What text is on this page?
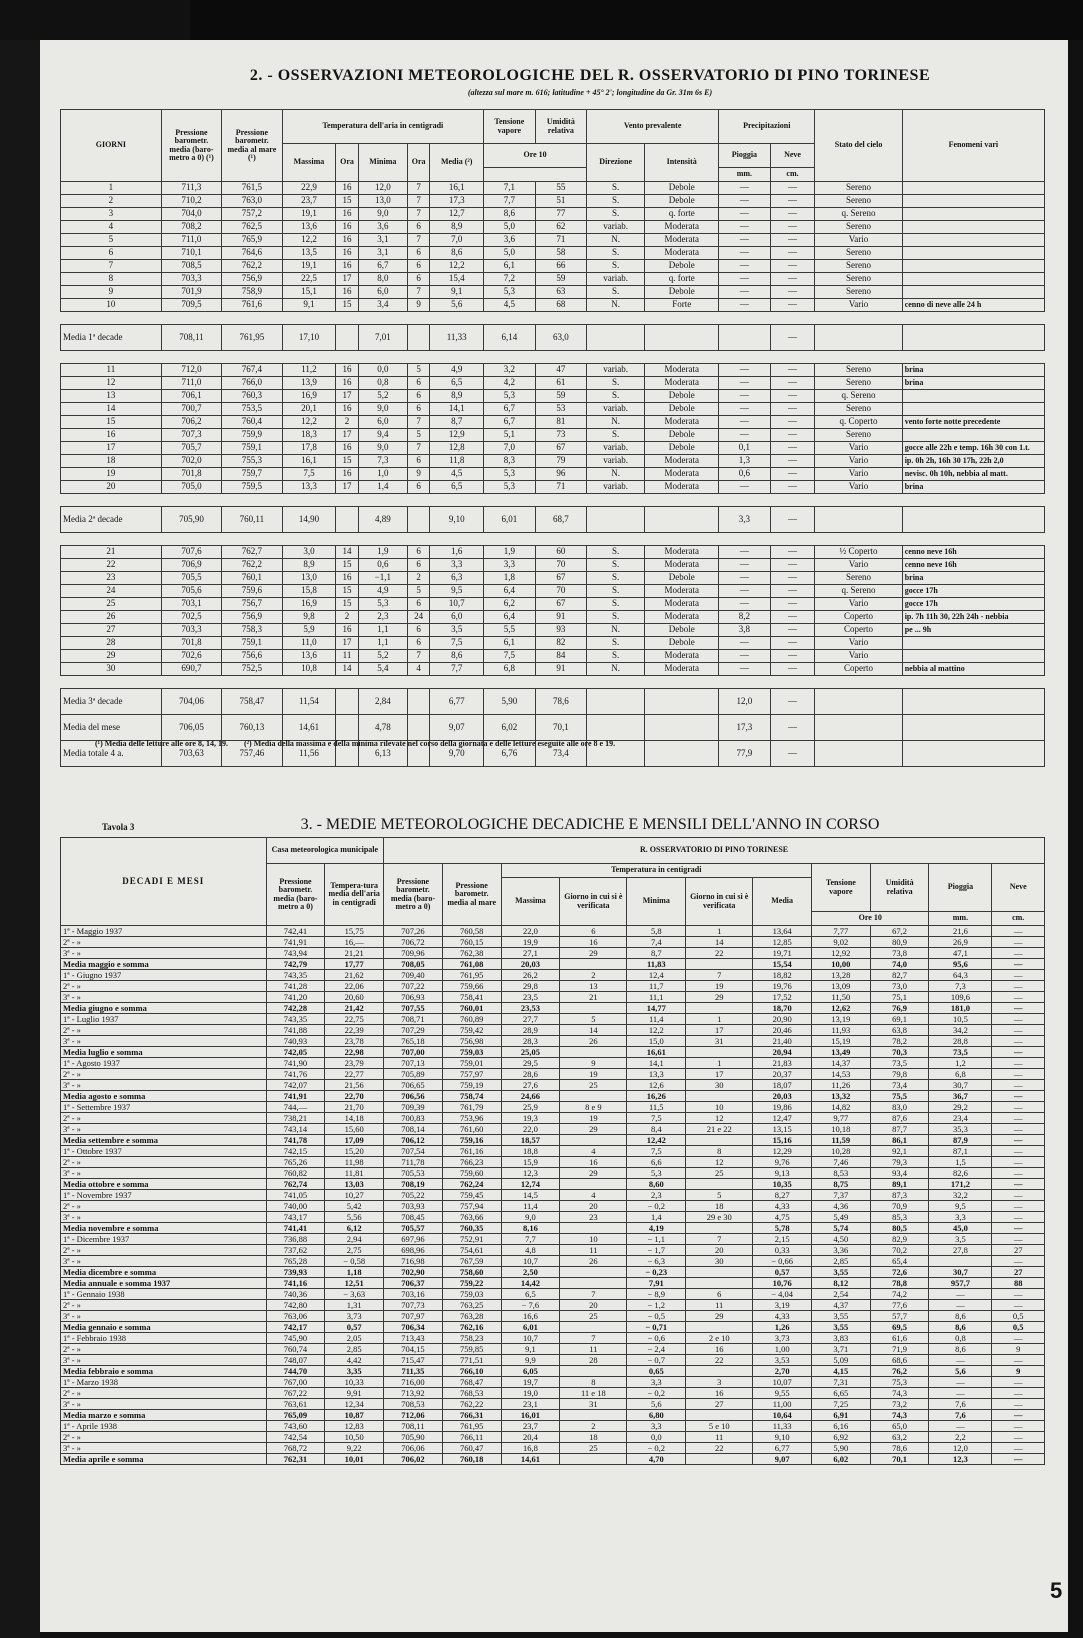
2. - OSSERVAZIONI METEOROLOGICHE DEL R. OSSERVATORIO DI PINO TORINESE
(altezza sul mare m. 616; latitudine + 45° 2'; longitudine da Gr. 31m 6s E)
GIORNI	Pressione barometr. media (baro-metro a 0) (¹)	Pressione barometr. media al mare (¹)	Temperatura dell'aria in centigradi					Tensione vapore	Umidità relativa	Vento prevalente		Precipitazioni		Stato del cielo	Fenomeni vari
			Massima	Ora	Minima	Ora	Media (²)	Ore 10		Direzione	Intensità	Pioggia	Neve		
												mm.	cm.		
1	711,3	761,5	22,9	16	12,0	7	16,1	7,1	55	S.	Debole	—	—	Sereno	
2	710,2	763,0	23,7	15	13,0	7	17,3	7,7	51	S.	Debole	—	—	Sereno	
3	704,0	757,2	19,1	16	9,0	7	12,7	8,6	77	S.	q. forte	—	—	q. Sereno	
4	708,2	762,5	13,6	16	3,6	6	8,9	5,0	62	variab.	Moderata	—	—	Sereno	
5	711,0	765,9	12,2	16	3,1	7	7,0	3,6	71	N.	Moderata	—	—	Vario	
6	710,1	764,6	13,5	16	3,1	6	8,6	5,0	58	S.	Moderata	—	—	Sereno	
7	708,5	762,2	19,1	16	6,7	6	12,2	6,1	66	S.	Debole	—	—	Sereno	
8	703,3	756,9	22,5	17	8,0	6	15,4	7,2	59	variab.	q. forte	—	—	Sereno	
9	701,9	758,9	15,1	16	6,0	7	9,1	5,3	63	S.	Debole	—	—	Sereno	
10	709,5	761,6	9,1	15	3,4	9	5,6	4,5	68	N.	Forte	—	—	Vario	cenno di neve alle 24 h

Media 1ª decade	708,11	761,95	17,10		7,01		11,33	6,14	63,0				—		

11	712,0	767,4	11,2	16	0,0	5	4,9	3,2	47	variab.	Moderata	—	—	Sereno	brina
12	711,0	766,0	13,9	16	0,8	6	6,5	4,2	61	S.	Moderata	—	—	Sereno	brina
13	706,1	760,3	16,9	17	5,2	6	8,9	5,3	59	S.	Debole	—	—	q. Sereno	
14	700,7	753,5	20,1	16	9,0	6	14,1	6,7	53	variab.	Debole	—	—	Sereno	
15	706,2	760,4	12,2	2	6,0	7	8,7	6,7	81	N.	Moderata	—	—	q. Coperto	vento forte notte precedente
16	707,3	759,9	18,3	17	9,4	5	12,9	5,1	73	S.	Debole	—	—	Sereno	
17	705,7	759,1	17,8	16	9,0	7	12,8	7,0	67	variab.	Debole	0,1	—	Vario	gocce alle 22h e temp. 16h 30 con 1.t.
18	702,0	755,3	16,1	15	7,3	6	11,8	8,3	79	variab.	Moderata	1,3	—	Vario	ip. 0h 2h, 16h 30 17h, 22h 2,0
19	701,8	759,7	7,5	16	1,0	9	4,5	5,3	96	N.	Moderata	0,6	—	Vario	nevisc. 0h 10h, nebbia al matt.
20	705,0	759,5	13,3	17	1,4	6	6,5	5,3	71	variab.	Moderata	—	—	Vario	brina

Media 2ª decade	705,90	760,11	14,90		4,89		9,10	6,01	68,7			3,3	—		

21	707,6	762,7	3,0	14	1,9	6	1,6	1,9	60	S.	Moderata	—	—	½ Coperto	cenno neve 16h
22	706,9	762,2	8,9	15	0,6	6	3,3	3,3	70	S.	Moderata	—	—	Vario	cenno neve 16h
23	705,5	760,1	13,0	16	−1,1	2	6,3	1,8	67	S.	Debole	—	—	Sereno	brina
24	705,6	759,6	15,8	15	4,9	5	9,5	6,4	70	S.	Moderata	—	—	q. Sereno	gocce 17h
25	703,1	756,7	16,9	15	5,3	6	10,7	6,2	67	S.	Moderata	—	—	Vario	gocce 17h
26	702,5	756,9	9,8	2	2,3	24	6,0	6,4	91	S.	Moderata	8,2	—	Coperto	ip. 7h 11h 30, 22h 24h - nebbia
27	703,3	758,3	5,9	16	1,1	6	3,5	5,5	93	N.	Debole	3,8	—	Coperto	pe ... 9h
28	701,8	759,1	11,0	17	1,1	6	7,5	6,1	82	S.	Debole	—	—	Vario	
29	702,6	756,6	13,6	11	5,2	7	8,6	7,5	84	S.	Moderata	—	—	Vario	
30	690,7	752,5	10,8	14	5,4	4	7,7	6,8	91	N.	Moderata	—	—	Coperto	nebbia al mattino

Media 3ª decade	704,06	758,47	11,54		2,84		6,77	5,90	78,6			12,0	—		
Media del mese	706,05	760,13	14,61		4,78		9,07	6,02	70,1			17,3	—		
Media totale 4 a.	703,63	757,46	11,56		6,13		9,70	6,76	73,4			77,9	—		
(¹) Media delle letture alle ore 8, 14, 19. (²) Media della massima e della minima rilevate nel corso della giornata e delle letture eseguite alle ore 8 e 19.
Tavola 3	3. - MEDIE METEOROLOGICHE DECADICHE E MENSILI DELL'ANNO IN CORSO
DECADI E MESI	Casa meteorologica municipale		R. OSSERVATORIO DI PINO TORINESE										
	Pressione barometr. media (baro-metro a 0)	Tempera-tura media dell'aria in centigradi	Pressione barometr. media (baro-metro a 0)	Pressione barometr. media al mare	Temperatura in centigradi					Tensione vapore	Umidità relativa	Pioggia	Neve
					Massima	Giorno in cui si è verificata	Minima	Giorno in cui si è verificata	Media				
										Ore 10		mm.	cm.
1ª - Maggio 1937	742,41	15,75	707,26	760,58	22,0	6	5,8	1	13,64	7,77	67,2	21,6	—
2ª - »	741,91	16,—	706,72	760,15	19,9	16	7,4	14	12,85	9,02	80,9	26,9	—
3ª - »	743,94	21,21	709,96	762,38	27,1	29	8,7	22	19,71	12,92	73,8	47,1	—
Media maggio e somma	742,79	17,77	708,05	761,08	20,03		11,83		15,54	10,00	74,0	95,6	—
1ª - Giugno 1937	743,35	21,62	709,40	761,95	26,2	2	12,4	7	18,82	13,28	82,7	64,3	—
2ª - »	741,28	22,06	707,22	759,66	29,8	13	11,7	19	19,76	13,09	73,0	7,3	—
3ª - »	741,20	20,60	706,93	758,41	23,5	21	11,1	29	17,52	11,50	75,1	109,6	—
Media giugno e somma	742,28	21,42	707,55	760,01	23,53		14,77		18,70	12,62	76,9	181,0	—
1ª - Luglio 1937	743,35	22,75	708,71	760,89	27,7	5	11,4	1	20,90	13,19	69,1	10,5	—
2ª - »	741,88	22,39	707,29	759,42	28,9	14	12,2	17	20,46	11,93	63,8	34,2	—
3ª - »	740,93	23,78	765,18	756,98	28,3	26	15,0	31	21,40	15,19	78,2	28,8	—
Media luglio e somma	742,05	22,98	707,00	759,03	25,05		16,61		20,94	13,49	70,3	73,5	—
1ª - Agosto 1937	741,90	23,79	707,13	759,01	29,5	9	14,1	1	21,83	14,37	73,5	1,2	—
2ª - »	741,76	22,77	705,89	757,97	28,6	19	13,3	17	20,37	14,53	79,8	6,8	—
3ª - »	742,07	21,56	706,65	759,19	27,6	25	12,6	30	18,07	11,26	73,4	30,7	—
Media agosto e somma	741,91	22,70	706,56	758,74	24,66		16,26		20,03	13,32	75,5	36,7	—
1ª - Settembre 1937	744,—	21,70	709,39	761,79	25,9	8 e 9	11,5	10	19,86	14,82	83,0	29,2	—
2ª - »	738,21	14,18	700,83	753,96	19,3	19	7,5	12	12,47	9,77	87,6	23,4	—
3ª - »	743,14	15,60	708,14	761,60	22,0	29	8,4	21 e 22	13,15	10,18	87,7	35,3	—
Media settembre e somma	741,78	17,09	706,12	759,16	18,57		12,42		15,16	11,59	86,1	87,9	—
1ª - Ottobre 1937	742,15	15,20	707,54	761,16	18,8	4	7,5	8	12,29	10,28	92,1	87,1	—
2ª - »	765,26	11,98	711,78	766,23	15,9	16	6,6	12	9,76	7,46	79,3	1,5	—
3ª - »	760,82	11,81	705,53	759,60	12,3	29	5,3	25	9,13	8,53	93,4	82,6	—
Media ottobre e somma	762,74	13,03	708,19	762,24	12,74		8,60		10,35	8,75	89,1	171,2	—
1ª - Novembre 1937	741,05	10,27	705,22	759,45	14,5	4	2,3	5	8,27	7,37	87,3	32,2	—
2ª - »	740,00	5,42	703,93	757,94	11,4	20	− 0,2	18	4,33	4,36	70,9	9,5	—
3ª - »	743,17	5,56	708,45	763,66	9,0	23	1,4	29 e 30	4,75	5,49	85,3	3,3	—
Media novembre e somma	741,41	6,12	705,57	760,35	8,16		4,19		5,78	5,74	80,5	45,0	—
1ª - Dicembre 1937	736,88	2,94	697,96	752,91	7,7	10	− 1,1	7	2,15	4,50	82,9	3,5	—
2ª - »	737,62	2,75	698,96	754,61	4,8	11	− 1,7	20	0,33	3,36	70,2	27,8	27
3ª - »	765,28	− 0,58	716,98	767,59	10,7	26	− 6,3	30	− 0,66	2,85	65,4		—
Media dicembre e somma	739,93	1,18	702,90	758,60	2,50		− 0,23		0,57	3,55	72,6	30,7	27
Media annuale e somma 1937	741,16	12,51	706,37	759,22	14,42		7,91		10,76	8,12	78,8	957,7	88
1ª - Gennaio 1938	740,36	− 3,63	703,16	759,03	6,5	7	− 8,9	6	− 4,04	2,54	74,2	—	—
2ª - »	742,80	1,31	707,73	763,25	− 7,6	20	− 1,2	11	3,19	4,37	77,6	—	—
3ª - »	763,06	3,73	707,97	763,28	16,6	25	− 0,5	29	4,33	3,55	57,7	8,6	0,5
Media gennaio e somma	742,17	0,57	706,34	762,16	6,01		− 0,71		1,26	3,55	69,5	8,6	0,5
1ª - Febbraio 1938	745,90	2,05	713,43	758,23	10,7	7	− 0,6	2 e 10	3,73	3,83	61,6	0,8	—
2ª - »	760,74	2,85	704,15	759,85	9,1	11	− 2,4	16	1,00	3,71	71,9	8,6	9
3ª - »	748,07	4,42	715,47	771,51	9,9	28	− 0,7	22	3,53	5,09	68,6	—	—
Media febbraio e somma	744,70	3,35	711,35	766,10	6,05		0,65		2,70	4,15	76,2	5,6	9
1ª - Marzo 1938	767,00	10,33	716,00	768,47	19,7	8	3,3	3	10,07	7,31	75,3	—	—
2ª - »	767,22	9,91	713,92	768,53	19,0	11 e 18	− 0,2	16	9,55	6,65	74,3	—	—
3ª - »	763,61	12,34	708,53	762,22	23,1	31	5,6	27	11,00	7,25	73,2	7,6	—
Media marzo e somma	765,09	10,87	712,06	766,31	16,01		6,80		10,64	6,91	74,3	7,6	—
1ª - Aprile 1938	743,60	12,83	708,11	761,95	23,7	2	3,3	5 e 10	11,33	6,16	65,0	—	—
2ª - »	742,54	10,50	705,90	766,11	20,4	18	0,0	11	9,10	6,92	63,2	2,2	—
3ª - »	768,72	9,22	706,06	760,47	16,8	25	− 0,2	22	6,77	5,90	78,6	12,0	—
Media aprile e somma	762,31	10,01	706,02	760,18	14,61		4,70		9,07	6,02	70,1	12,3	—
5
